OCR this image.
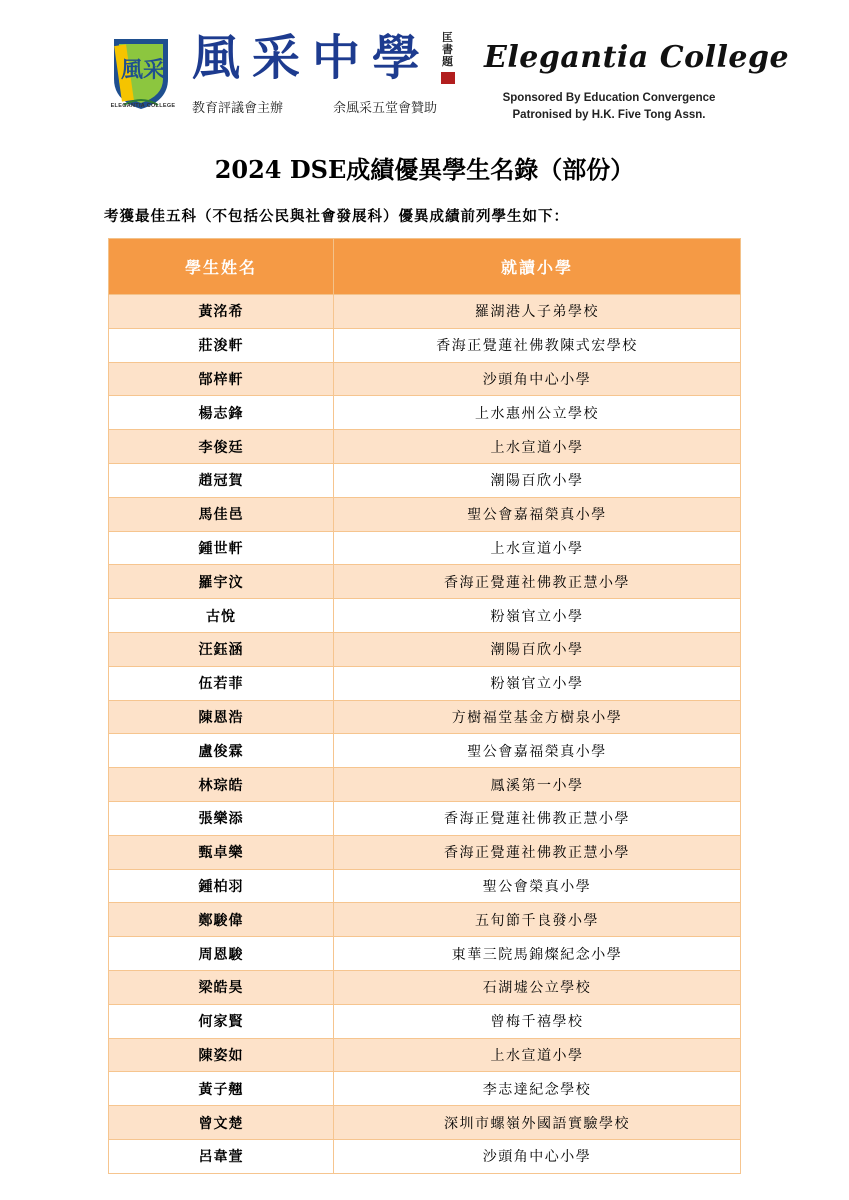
風采
ELEGANTIA COLLEGE
風采中學 匡書題
教育評議會主辦	余風采五堂會贊助
Elegantia College
Sponsored By Education Convergence
Patronised by H.K. Five Tong Assn.
2024 DSE成績優異學生名錄（部份）
考獲最佳五科（不包括公民與社會發展科）優異成績前列學生如下：
學生姓名	就讀小學
黃洺希	羅湖港人子弟學校
莊浚軒	香海正覺蓮社佛教陳式宏學校
郜梓軒	沙頭角中心小學
楊志鋒	上水惠州公立學校
李俊廷	上水宣道小學
趙冠賀	潮陽百欣小學
馬佳邑	聖公會嘉福榮真小學
鍾世軒	上水宣道小學
羅宇汶	香海正覺蓮社佛教正慧小學
古悅	粉嶺官立小學
汪鈺涵	潮陽百欣小學
伍若菲	粉嶺官立小學
陳恩浩	方樹福堂基金方樹泉小學
盧俊霖	聖公會嘉福榮真小學
林琮皓	鳳溪第一小學
張樂添	香海正覺蓮社佛教正慧小學
甄卓樂	香海正覺蓮社佛教正慧小學
鍾柏羽	聖公會榮真小學
鄭駿偉	五旬節千良發小學
周恩駿	東華三院馬錦燦紀念小學
梁皓昊	石湖墟公立學校
何家賢	曾梅千禧學校
陳姿如	上水宣道小學
黃子翹	李志達紀念學校
曾文楚	深圳市螺嶺外國語實驗學校
呂韋萱	沙頭角中心小學
